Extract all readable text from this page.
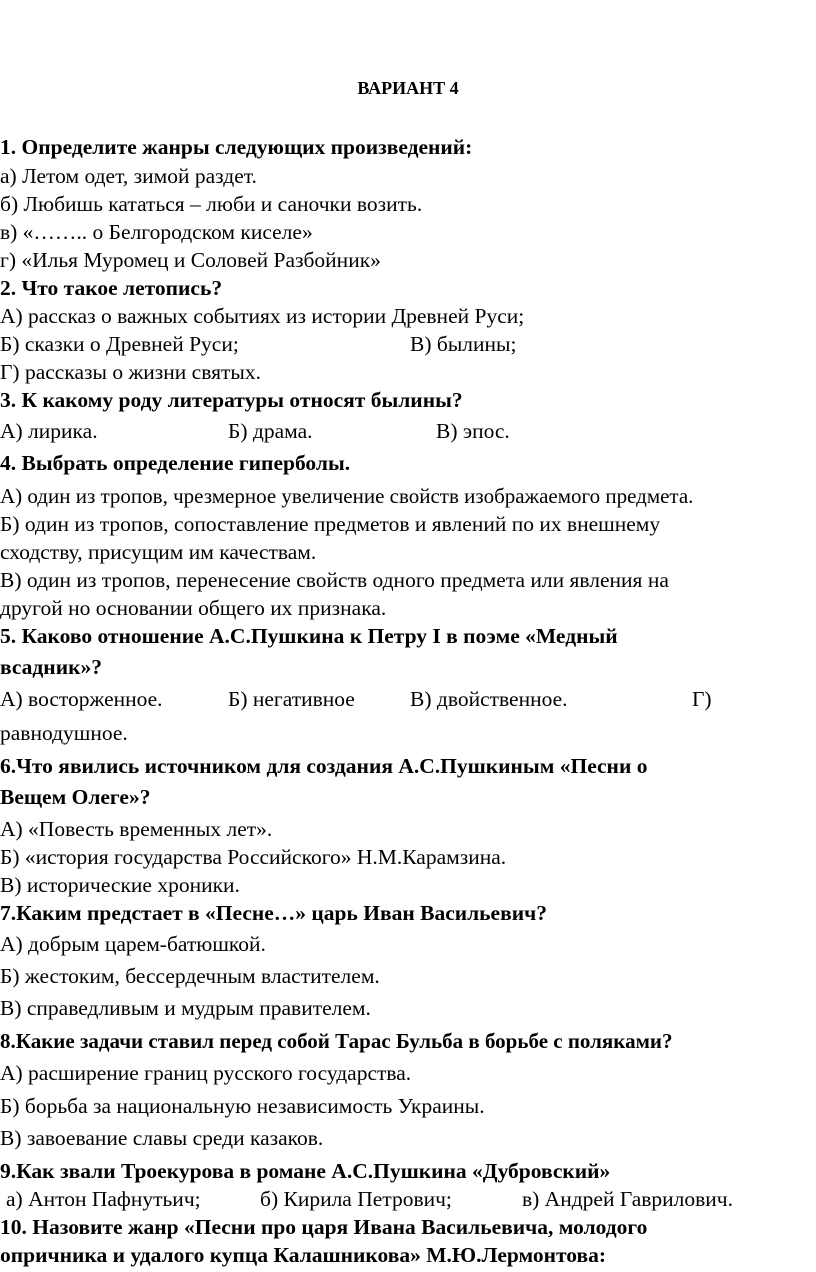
ВАРИАНТ 4
1. Определите жанры следующих произведений:
а) Летом одет, зимой раздет.
б) Любишь кататься – люби и саночки возить.
в) «…….. о Белгородском киселе»
г) «Илья Муромец и Соловей Разбойник»
2. Что такое летопись?
А) рассказ о важных событиях из истории Древней Руси;
Б) сказки о Древней Руси;	В) былины;
Г) рассказы о жизни святых.
3. К какому роду литературы относят былины?
А) лирика.	Б) драма.	В) эпос.
4. Выбрать определение гиперболы.
А) один из тропов, чрезмерное увеличение свойств изображаемого предмета.
Б) один из тропов, сопоставление предметов и явлений по их внешнему
сходству, присущим им качествам.
В) один из тропов, перенесение свойств одного предмета или явления на
другой но основании общего их признака.
5. Каково отношение А.С.Пушкина к Петру I в поэме «Медный
всадник»?
А) восторженное.	Б) негативное	В) двойственное.	Г)
равнодушное.
6.Что явились источником для создания А.С.Пушкиным «Песни о
Вещем Олеге»?
А) «Повесть временных лет».
Б) «история государства Российского» Н.М.Карамзина.
В) исторические хроники.
7.Каким предстает в «Песне…» царь Иван Васильевич?
А) добрым царем-батюшкой.
Б) жестоким, бессердечным властителем.
В) справедливым и мудрым правителем.
8.Какие задачи ставил перед собой Тарас Бульба в борьбе с поляками?
А) расширение границ русского государства.
Б) борьба за национальную независимость Украины.
В) завоевание славы среди казаков.
9.Как звали Троекурова в романе А.С.Пушкина «Дубровский»
а) Антон Пафнутьич;	б) Кирила Петрович;	в) Андрей Гаврилович.
10. Назовите жанр «Песни про царя Ивана Васильевича, молодого
опричника и удалого купца Калашникова» М.Ю.Лермонтова:
